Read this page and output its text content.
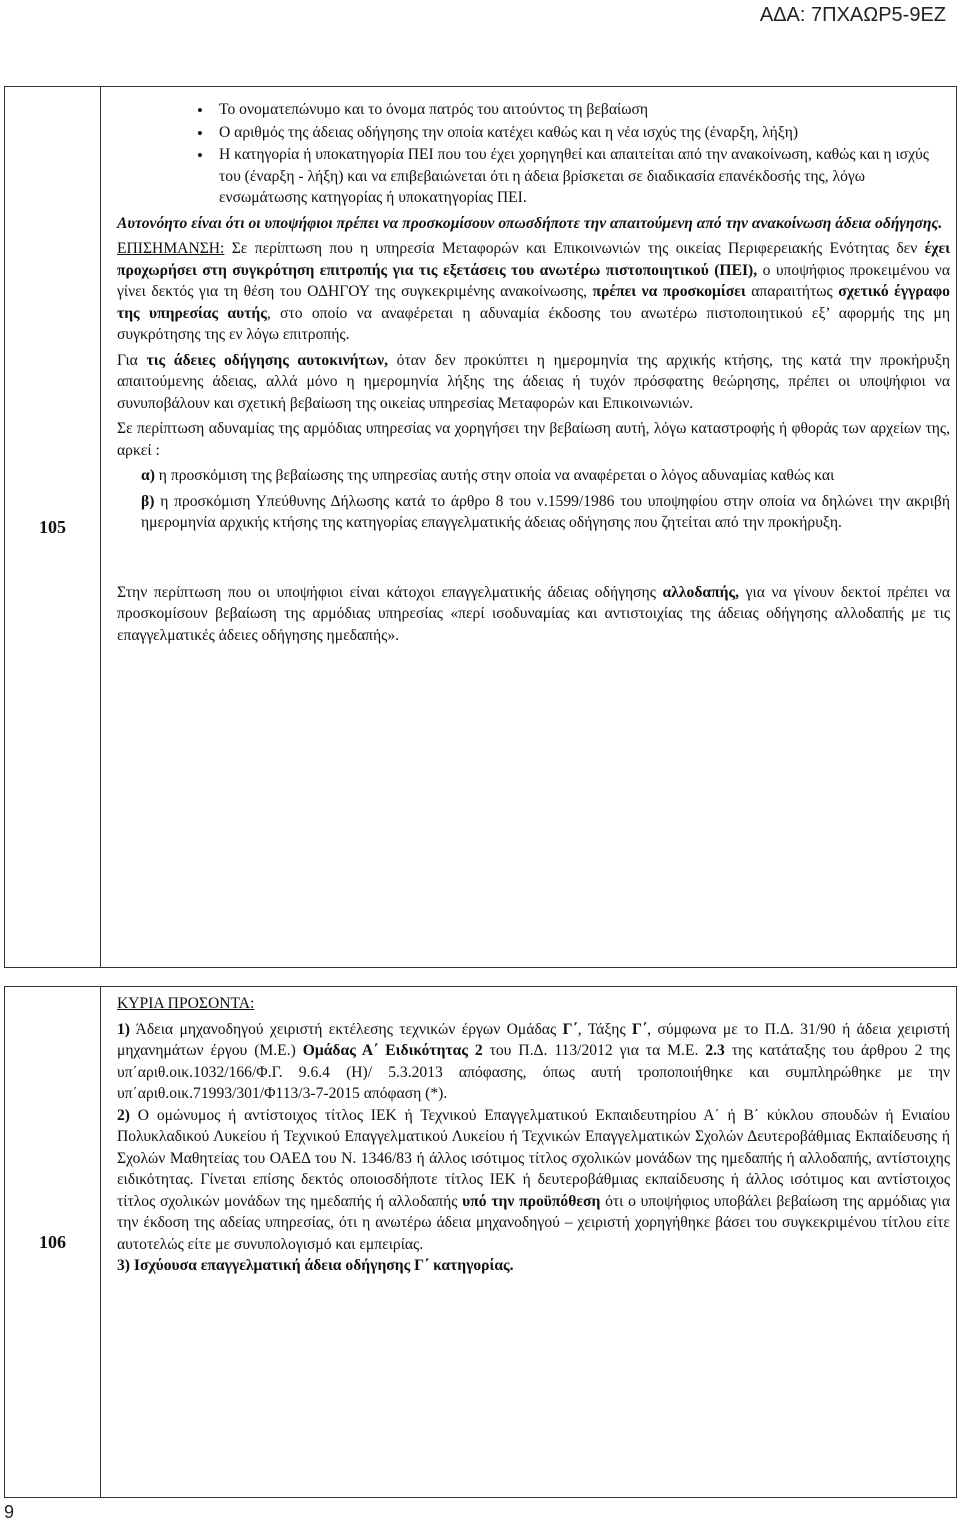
ΑΔΑ: 7ΠΧΑΩΡ5-9ΕΖ
105
• Το ονοματεπώνυμο και το όνομα πατρός του αιτούντος τη βεβαίωση
• Ο αριθμός της άδειας οδήγησης την οποία κατέχει καθώς και η νέα ισχύς της (έναρξη, λήξη)
• Η κατηγορία ή υποκατηγορία ΠΕΙ που του έχει χορηγηθεί και απαιτείται από την ανακοίνωση, καθώς και η ισχύς του (έναρξη - λήξη) και να επιβεβαιώνεται ότι η άδεια βρίσκεται σε διαδικασία επανέκδοσής της, λόγω ενσωμάτωσης κατηγορίας ή υποκατηγορίας ΠΕΙ.

Αυτονόητο είναι ότι οι υποψήφιοι πρέπει να προσκομίσουν οπωσδήποτε την απαιτούμενη από την ανακοίνωση άδεια οδήγησης.

ΕΠΙΣΗΜΑΝΣΗ: Σε περίπτωση που η υπηρεσία Μεταφορών και Επικοινωνιών της οικείας Περιφερειακής Ενότητας δεν έχει προχωρήσει στη συγκρότηση επιτροπής για τις εξετάσεις του ανωτέρω πιστοποιητικού (ΠΕΙ), ο υποψήφιος προκειμένου να γίνει δεκτός για τη θέση του ΟΔΗΓΟΥ της συγκεκριμένης ανακοίνωσης, πρέπει να προσκομίσει απαραιτήτως σχετικό έγγραφο της υπηρεσίας αυτής, στο οποίο να αναφέρεται η αδυναμία έκδοσης του ανωτέρω πιστοποιητικού εξ’ αφορμής της μη συγκρότησης της εν λόγω επιτροπής.

Για τις άδειες οδήγησης αυτοκινήτων, όταν δεν προκύπτει η ημερομηνία της αρχικής κτήσης, της κατά την προκήρυξη απαιτούμενης άδειας, αλλά μόνο η ημερομηνία λήξης της άδειας ή τυχόν πρόσφατης θεώρησης, πρέπει οι υποψήφιοι να συνυποβάλουν και σχετική βεβαίωση της οικείας υπηρεσίας Μεταφορών και Επικοινωνιών.

Σε περίπτωση αδυναμίας της αρμόδιας υπηρεσίας να χορηγήσει την βεβαίωση αυτή, λόγω καταστροφής ή φθοράς των αρχείων της, αρκεί :

α) η προσκόμιση της βεβαίωσης της υπηρεσίας αυτής στην οποία να αναφέρεται ο λόγος αδυναμίας καθώς και

β) η προσκόμιση Υπεύθυνης Δήλωσης κατά το άρθρο 8 του ν.1599/1986 του υποψηφίου στην οποία να δηλώνει την ακριβή ημερομηνία αρχικής κτήσης της κατηγορίας επαγγελματικής άδειας οδήγησης που ζητείται από την προκήρυξη.

Στην περίπτωση που οι υποψήφιοι είναι κάτοχοι επαγγελματικής άδειας οδήγησης αλλοδαπής, για να γίνουν δεκτοί πρέπει να προσκομίσουν βεβαίωση της αρμόδιας υπηρεσίας «περί ισοδυναμίας και αντιστοιχίας της άδειας οδήγησης αλλοδαπής με τις επαγγελματικές άδειες οδήγησης ημεδαπής».

106

ΚΥΡΙΑ ΠΡΟΣΟΝΤΑ:

1) Άδεια μηχανοδηγού χειριστή εκτέλεσης τεχνικών έργων Ομάδας Γ΄, Τάξης Γ΄, σύμφωνα με το Π.Δ. 31/90 ή άδεια χειριστή μηχανημάτων έργου (Μ.Ε.) Ομάδας Α΄ Ειδικότητας 2 του Π.Δ. 113/2012 για τα Μ.Ε. 2.3 της κατάταξης του άρθρου 2 της υπ΄αριθ.οικ.1032/166/Φ.Γ. 9.6.4 (Η)/ 5.3.2013 απόφασης, όπως αυτή τροποποιήθηκε και συμπληρώθηκε με την υπ΄αριθ.οικ.71993/301/Φ113/3-7-2015 απόφαση (*).

2) Ο ομώνυμος ή αντίστοιχος τίτλος ΙΕΚ ή Τεχνικού Επαγγελματικού Εκπαιδευτηρίου Α΄ ή Β΄ κύκλου σπουδών ή Ενιαίου Πολυκλαδικού Λυκείου ή Τεχνικού Επαγγελματικού Λυκείου ή Τεχνικών Επαγγελματικών Σχολών Δευτεροβάθμιας Εκπαίδευσης ή Σχολών Μαθητείας του ΟΑΕΔ του Ν. 1346/83 ή άλλος ισότιμος τίτλος σχολικών μονάδων της ημεδαπής ή αλλοδαπής, αντίστοιχης ειδικότητας. Γίνεται επίσης δεκτός οποιοσδήποτε τίτλος ΙΕΚ ή δευτεροβάθμιας εκπαίδευσης ή άλλος ισότιμος και αντίστοιχος τίτλος σχολικών μονάδων της ημεδαπής ή αλλοδαπής υπό την προϋπόθεση ότι ο υποψήφιος υποβάλει βεβαίωση της αρμόδιας για την έκδοση της αδείας υπηρεσίας, ότι η ανωτέρω άδεια μηχανοδηγού – χειριστή χορηγήθηκε βάσει του συγκεκριμένου τίτλου είτε αυτοτελώς είτε με συνυπολογισμό και εμπειρίας.

3) Ισχύουσα επαγγελματική άδεια οδήγησης Γ΄ κατηγορίας.

9
